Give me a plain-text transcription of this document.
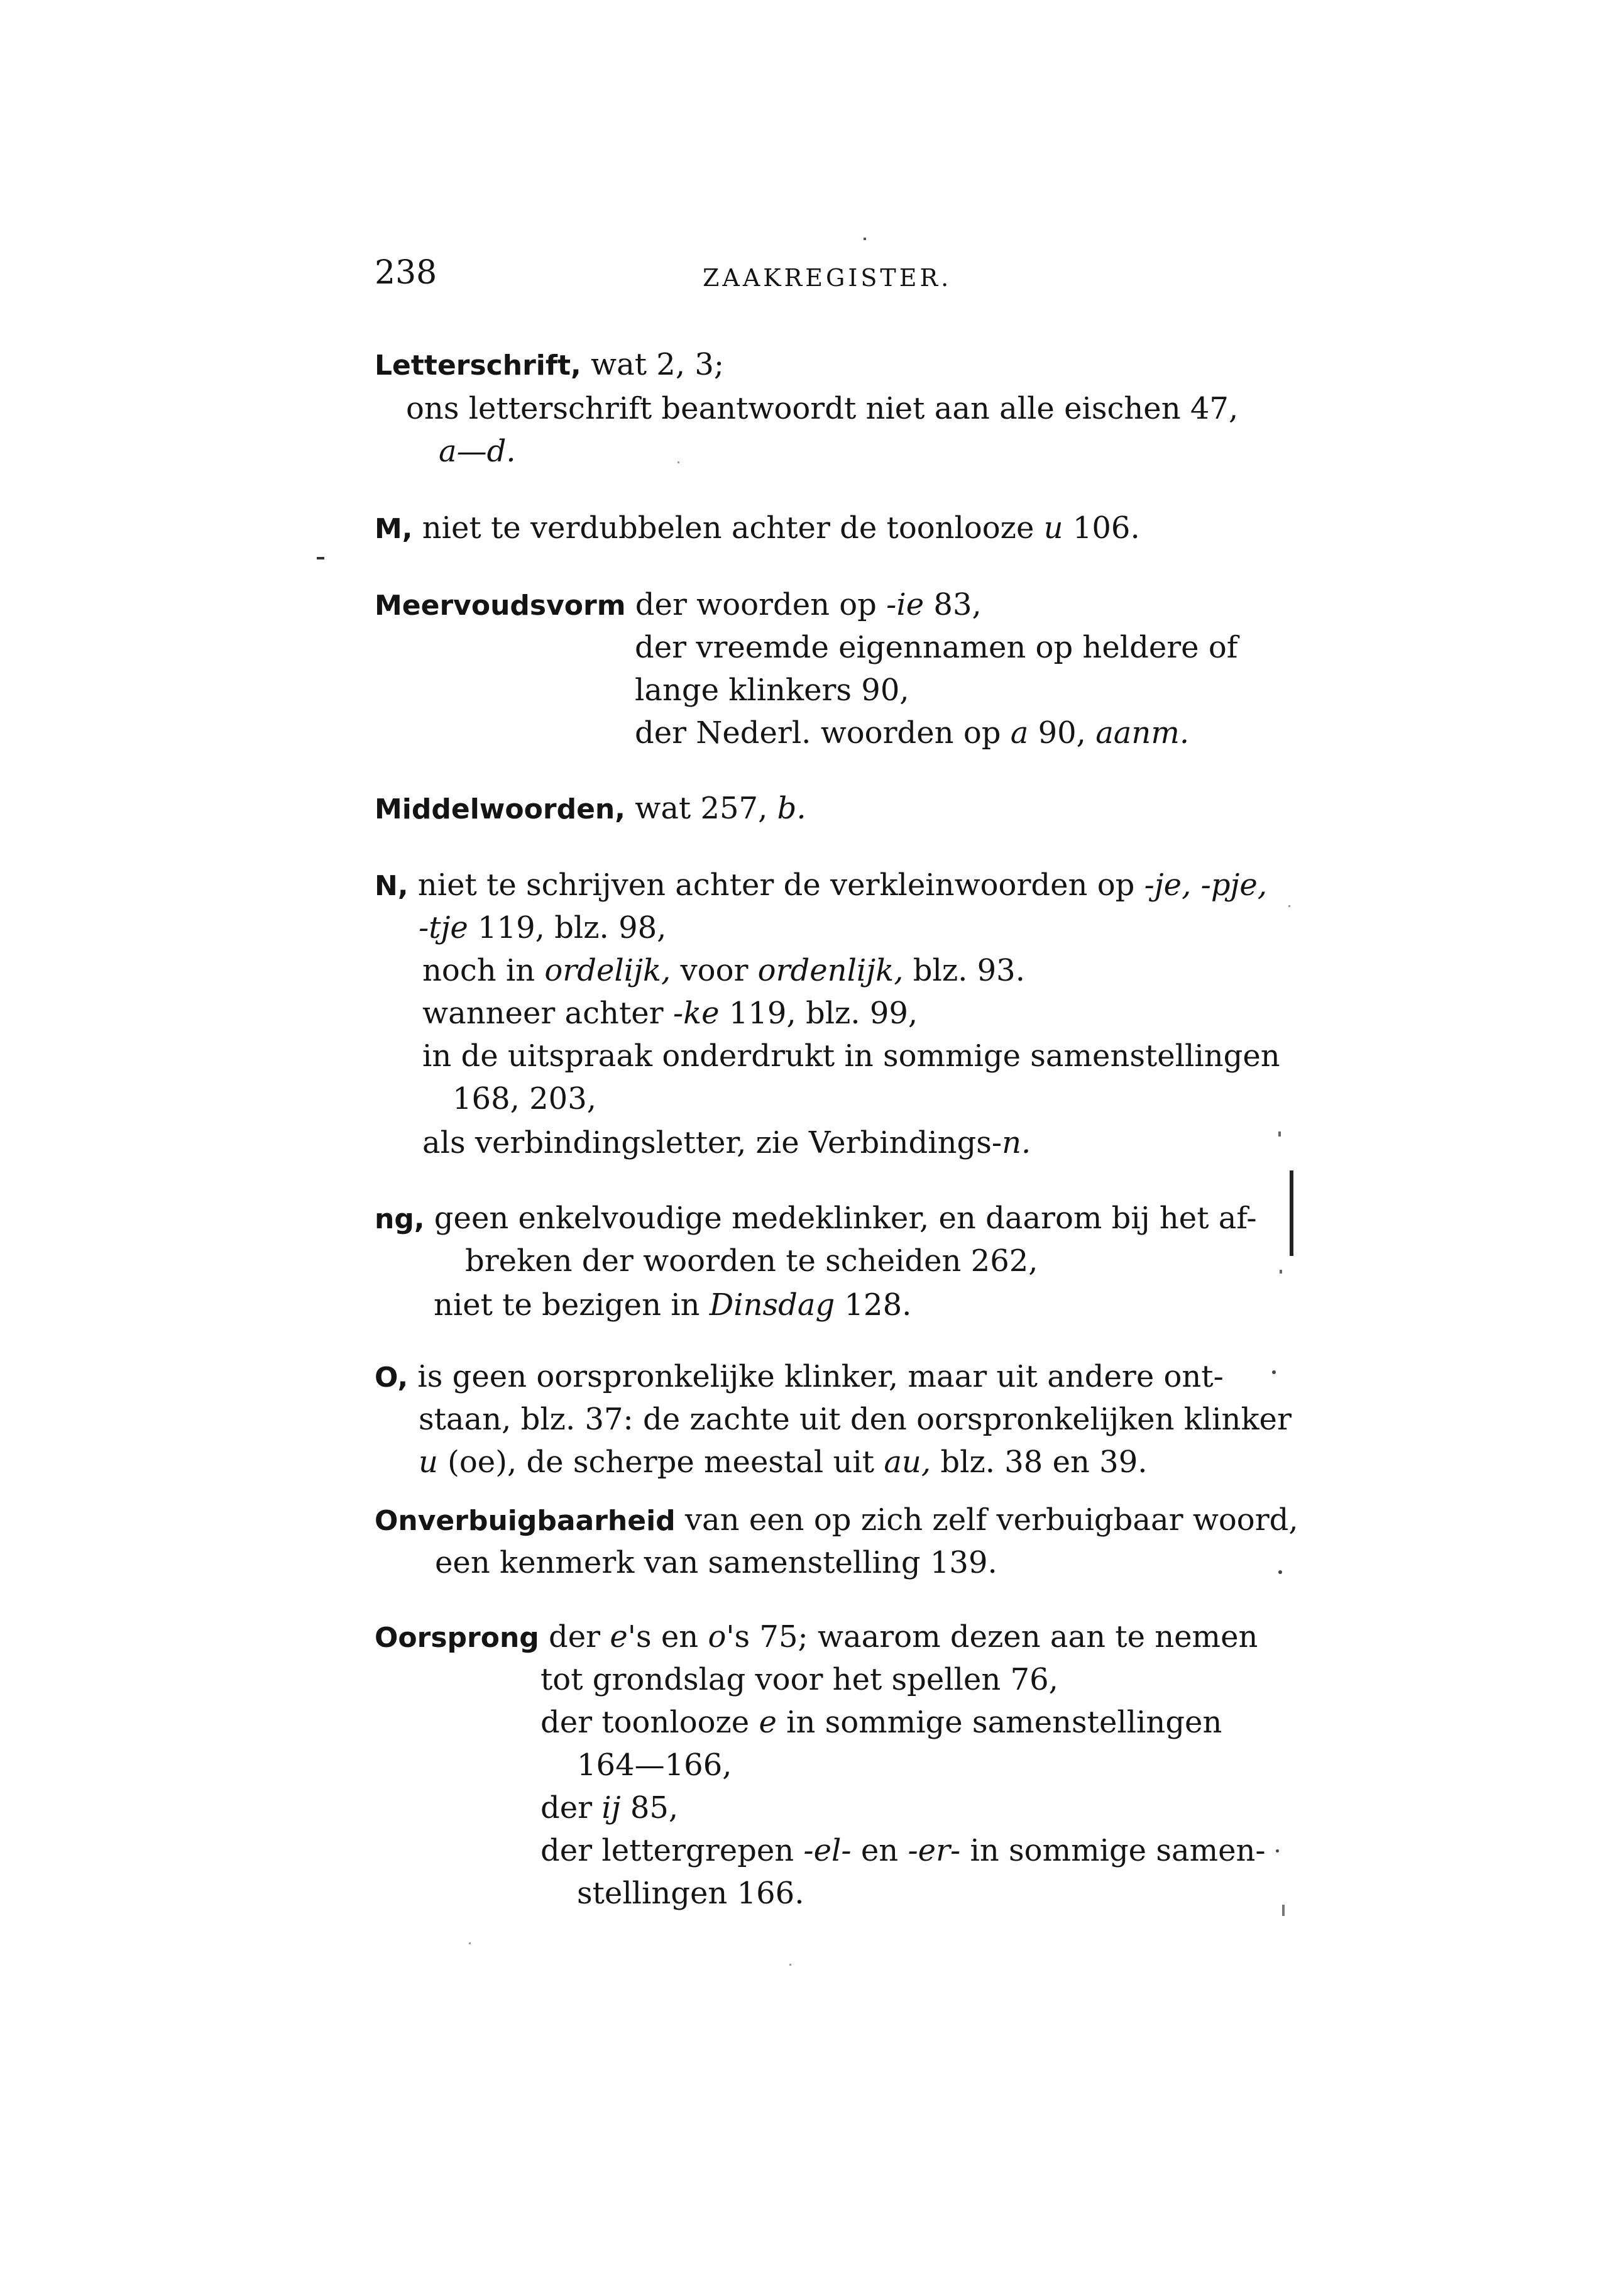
238	ZAAKREGISTER.
Letterschrift, wat 2, 3;
ons letterschrift beantwoordt niet aan alle eischen 47,
a—d.
M, niet te verdubbelen achter de toonlooze u 106.
Meervoudsvorm der woorden op -ie 83,
der vreemde eigennamen op heldere of
lange klinkers 90,
der Nederl. woorden op a 90, aanm.
Middelwoorden, wat 257, b.
N, niet te schrijven achter de verkleinwoorden op -je, -pje,
-tje 119, blz. 98,
noch in ordelijk, voor ordenlijk, blz. 93.
wanneer achter -ke 119, blz. 99,
in de uitspraak onderdrukt in sommige samenstellingen
168, 203,
als verbindingsletter, zie Verbindings-n.
ng, geen enkelvoudige medeklinker, en daarom bij het af-
breken der woorden te scheiden 262,
niet te bezigen in Dinsdag 128.
O, is geen oorspronkelijke klinker, maar uit andere ont-
staan, blz. 37: de zachte uit den oorspronkelijken klinker
u (oe), de scherpe meestal uit au, blz. 38 en 39.
Onverbuigbaarheid van een op zich zelf verbuigbaar woord,
een kenmerk van samenstelling 139.
Oorsprong der e's en o's 75; waarom dezen aan te nemen
tot grondslag voor het spellen 76,
der toonlooze e in sommige samenstellingen
164—166,
der ij 85,
der lettergrepen -el- en -er- in sommige samen-
stellingen 166.
